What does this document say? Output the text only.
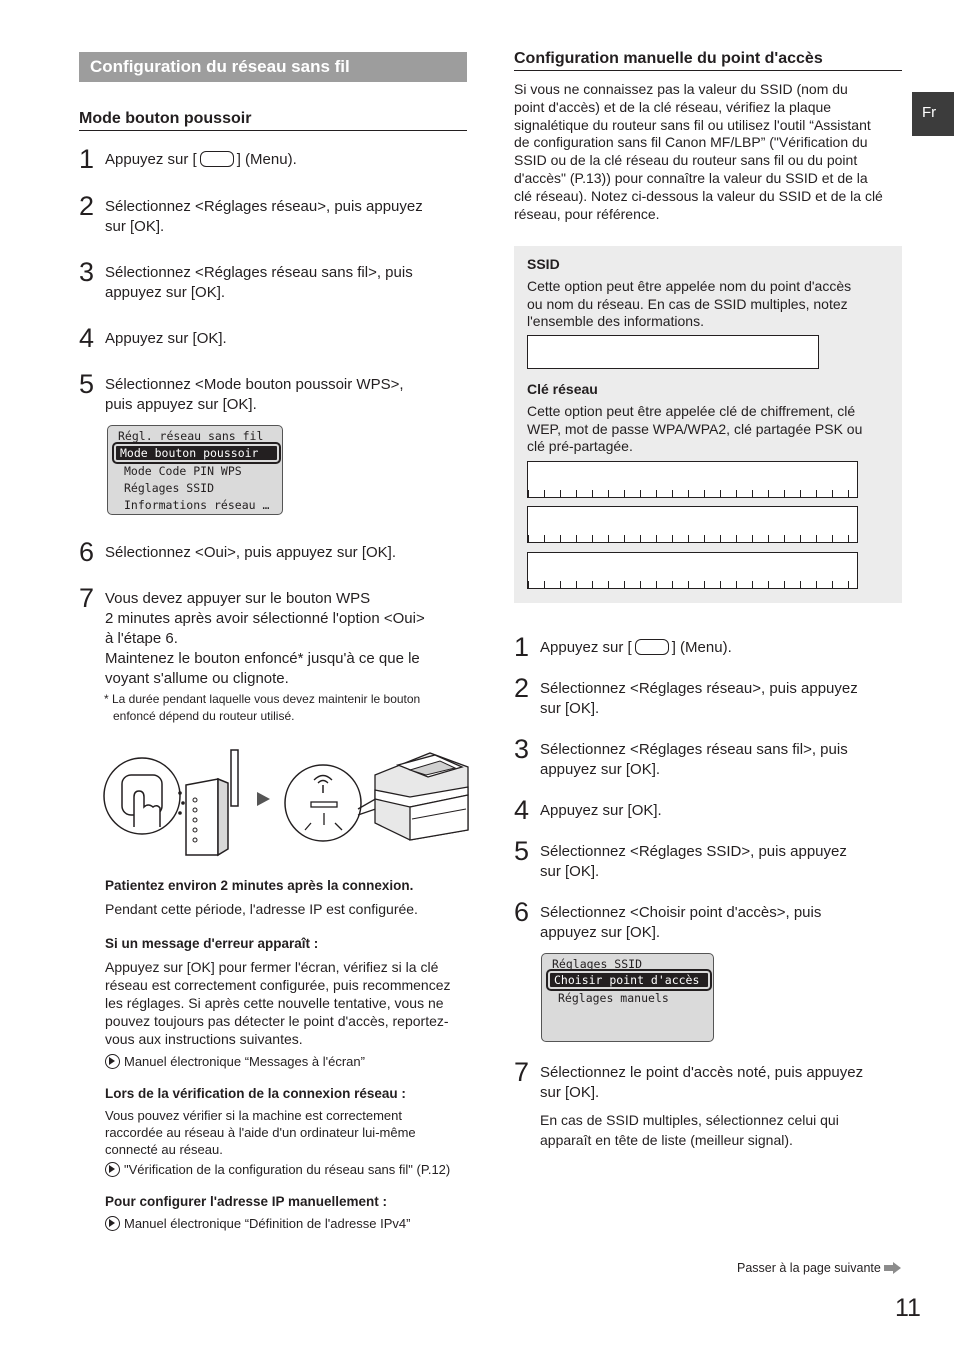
Fr
Configuration du réseau sans fil
Mode bouton poussoir
1 Appuyez sur [	] (Menu).
2 Sélectionnez <Réglages réseau>, puis appuyez
sur [OK].
3 Sélectionnez <Réglages réseau sans fil>, puis
appuyez sur [OK].
4 Appuyez sur [OK].
5 Sélectionnez <Mode bouton poussoir WPS>,
puis appuyez sur [OK].
Régl. réseau sans fil
Mode bouton poussoir
Mode Code PIN WPS
Réglages SSID
Informations réseau …
6 Sélectionnez <Oui>, puis appuyez sur [OK].
7 Vous devez appuyer sur le bouton WPS
2 minutes après avoir sélectionné l'option <Oui>
à l'étape 6.
Maintenez le bouton enfoncé* jusqu'à ce que le
voyant s'allume ou clignote.
* La durée pendant laquelle vous devez maintenir le bouton
enfoncé dépend du routeur utilisé.
Patientez environ 2 minutes après la connexion.
Pendant cette période, l'adresse IP est configurée.
Si un message d'erreur apparaît :
Appuyez sur [OK] pour fermer l'écran, vérifiez si la clé
réseau est correctement configurée, puis recommencez
les réglages. Si après cette nouvelle tentative, vous ne
pouvez toujours pas détecter le point d'accès, reportez-
vous aux instructions suivantes.
Manuel électronique “Messages à l'écran”
Lors de la vérification de la connexion réseau :
Vous pouvez vérifier si la machine est correctement
raccordée au réseau à l'aide d'un ordinateur lui-même
connecté au réseau.
"Vérification de la configuration du réseau sans fil" (P.12)
Pour configurer l'adresse IP manuellement :
Manuel électronique “Définition de l'adresse IPv4”
Configuration manuelle du point d'accès
Si vous ne connaissez pas la valeur du SSID (nom du
point d'accès) et de la clé réseau, vérifiez la plaque
signalétique du routeur sans fil ou utilisez l'outil “Assistant
de configuration sans fil Canon MF/LBP” ("Vérification du
SSID ou de la clé réseau du routeur sans fil ou du point
d'accès" (P.13)) pour connaître la valeur du SSID et de la
clé réseau). Notez ci-dessous la valeur du SSID et de la clé
réseau, pour référence.
SSID
Cette option peut être appelée nom du point d'accès
ou nom du réseau. En cas de SSID multiples, notez
l'ensemble des informations.
Clé réseau
Cette option peut être appelée clé de chiffrement, clé
WEP, mot de passe WPA/WPA2, clé partagée PSK ou
clé pré-partagée.
1 Appuyez sur [	] (Menu).
2 Sélectionnez <Réglages réseau>, puis appuyez
sur [OK].
3 Sélectionnez <Réglages réseau sans fil>, puis
appuyez sur [OK].
4 Appuyez sur [OK].
5 Sélectionnez <Réglages SSID>, puis appuyez
sur [OK].
6 Sélectionnez <Choisir point d'accès>, puis
appuyez sur [OK].
Réglages SSID
Choisir point d'accès
Réglages manuels
7 Sélectionnez le point d'accès noté, puis appuyez
sur [OK].
En cas de SSID multiples, sélectionnez celui qui
apparaît en tête de liste (meilleur signal).
Passer à la page suivante
11
